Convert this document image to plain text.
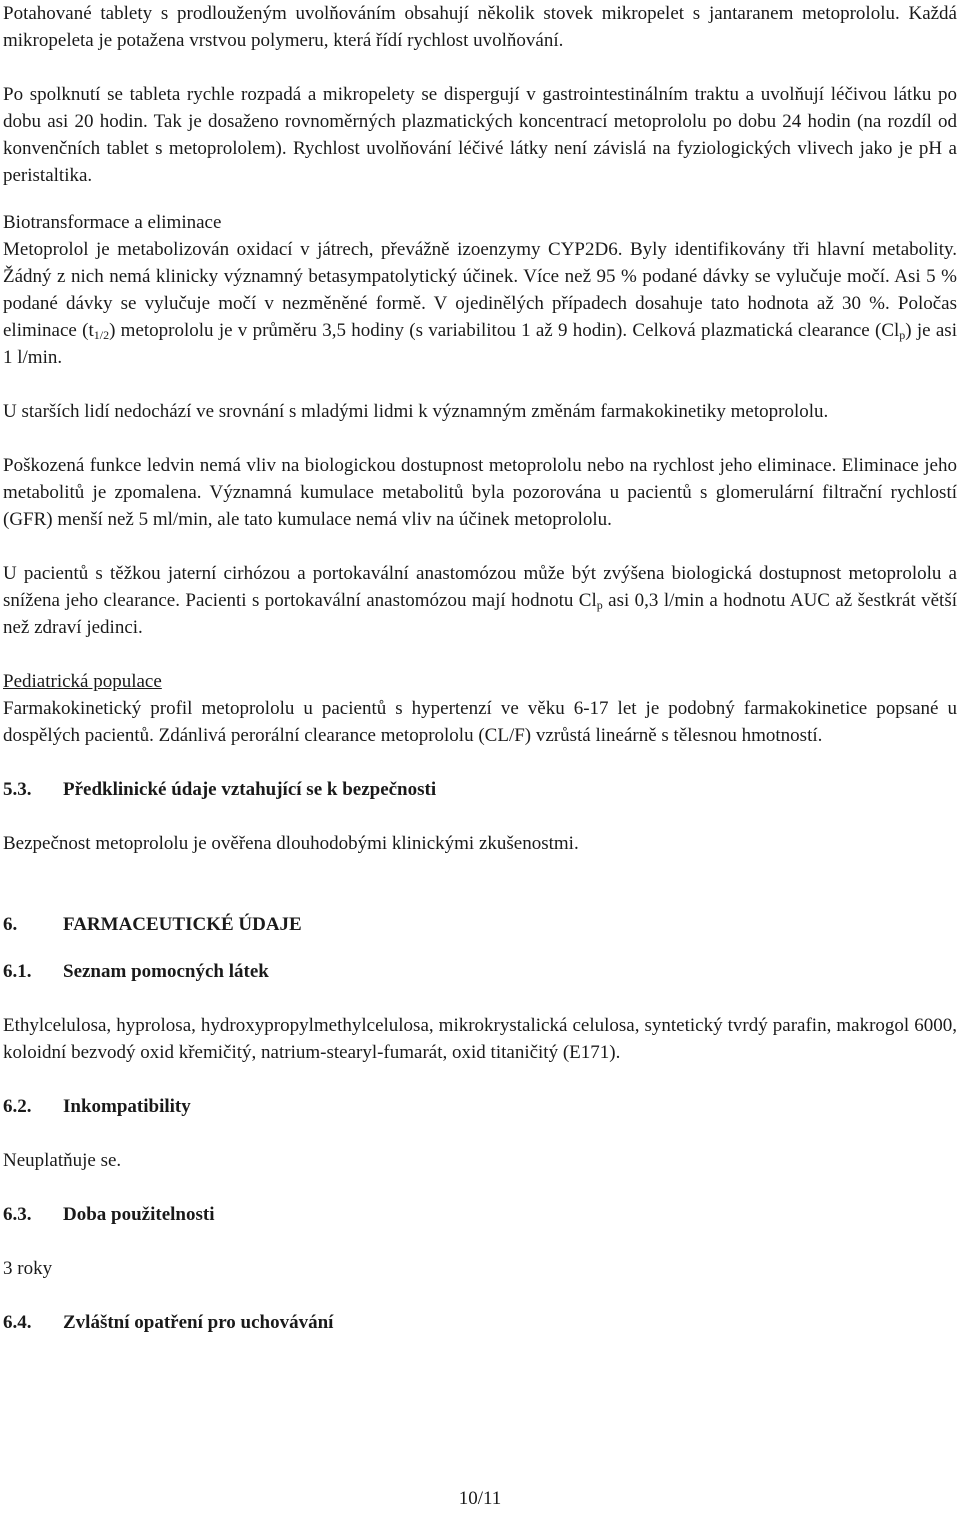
Potahované tablety s prodlouženým uvolňováním obsahují několik stovek mikropelet s jantaranem metoprololu. Každá mikropeleta je potažena vrstvou polymeru, která řídí rychlost uvolňování.

Po spolknutí se tableta rychle rozpadá a mikropelety se dispergují v gastrointestinálním traktu a uvolňují léčivou látku po dobu asi 20 hodin. Tak je dosaženo rovnoměrných plazmatických koncentrací metoprololu po dobu 24 hodin (na rozdíl od konvenčních tablet s metoprololem). Rychlost uvolňování léčivé látky není závislá na fyziologických vlivech jako je pH a peristaltika.

Biotransformace a eliminace

Metoprolol je metabolizován oxidací v játrech, převážně izoenzymy CYP2D6. Byly identifikovány tři hlavní metabolity. Žádný z nich nemá klinicky významný betasympatolytický účinek. Více než 95 % podané dávky se vylučuje močí. Asi 5 % podané dávky se vylučuje močí v nezměněné formě. V ojedinělých případech dosahuje tato hodnota až 30 %. Poločas eliminace $(t_{1/2})$ metoprololu je v průměru 3,5 hodiny (s variabilitou 1 až 9 hodin). Celková plazmatická clearance $(Cl_p)$ je asi 1 l/min.

U starších lidí nedochází ve srovnání s mladými lidmi k významným změnám farmakokinetiky metoprololu.

Poškozená funkce ledvin nemá vliv na biologickou dostupnost metoprololu nebo na rychlost jeho eliminace. Eliminace jeho metabolitů je zpomalena. Významná kumulace metabolitů byla pozorována u pacientů s glomerulární filtrační rychlostí (GFR) menší než 5 ml/min, ale tato kumulace nemá vliv na účinek metoprololu.

U pacientů s těžkou jaterní cirhózou a portokavální anastomózou může být zvýšena biologická dostupnost metoprololu a snížena jeho clearance. Pacienti s portokavální anastomózou mají hodnotu $Cl_p$ asi 0,3 l/min a hodnotu AUC až šestkrát větší než zdraví jedinci.

Pediatrická populace

Farmakokinetický profil metoprololu u pacientů s hypertenzí ve věku 6-17 let je podobný farmakokinetice popsané u dospělých pacientů. Zdánlivá perorální clearance metoprololu (CL/F) vzrůstá lineárně s tělesnou hmotností.

5.3.	Předklinické údaje vztahující se k bezpečnosti

Bezpečnost metoprololu je ověřena dlouhodobými klinickými zkušenostmi.

6.	FARMACEUTICKÉ ÚDAJE
6.1.	Seznam pomocných látek

Ethylcelulosa, hyprolosa, hydroxypropylmethylcelulosa, mikrokrystalická celulosa, syntetický tvrdý parafin, makrogol 6000, koloidní bezvodý oxid křemičitý, natrium-stearyl-fumarát, oxid titaničitý (E171).

6.2.	Inkompatibility

Neuplatňuje se.

6.3.	Doba použitelnosti

3 roky

6.4.	Zvláštní opatření pro uchovávání
10/11
